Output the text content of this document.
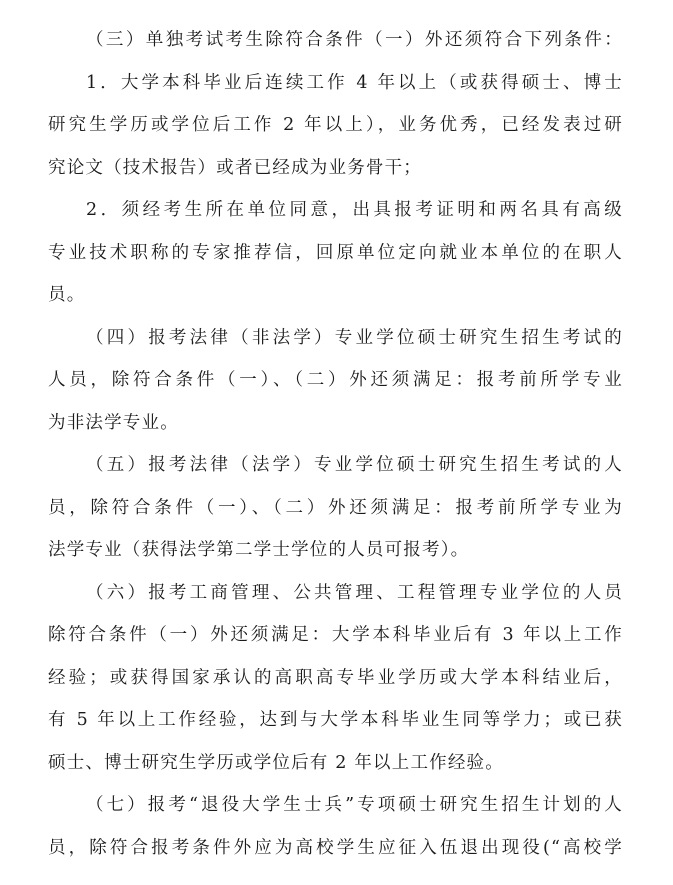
（三）单独考试考生除符合条件（一）外还须符合下列条件：
1．大学本科毕业后连续工作 4 年以上（或获得硕士、博士
研究生学历或学位后工作 2 年以上），业务优秀，已经发表过研
究论文（技术报告）或者已经成为业务骨干；
2．须经考生所在单位同意，出具报考证明和两名具有高级
专业技术职称的专家推荐信，回原单位定向就业本单位的在职人
员。
（四）报考法律（非法学）专业学位硕士研究生招生考试的
人员，除符合条件（一）、（二）外还须满足：报考前所学专业
为非法学专业。
（五）报考法律（法学）专业学位硕士研究生招生考试的人
员，除符合条件（一）、（二）外还须满足：报考前所学专业为
法学专业（获得法学第二学士学位的人员可报考）。
（六）报考工商管理、公共管理、工程管理专业学位的人员
除符合条件（一）外还须满足：大学本科毕业后有 3 年以上工作
经验；或获得国家承认的高职高专毕业学历或大学本科结业后，
有 5 年以上工作经验，达到与大学本科毕业生同等学力；或已获
硕士、博士研究生学历或学位后有 2 年以上工作经验。
（七）报考“退役大学生士兵”专项硕士研究生招生计划的人
员，除符合报考条件外应为高校学生应征入伍退出现役(“高校学
